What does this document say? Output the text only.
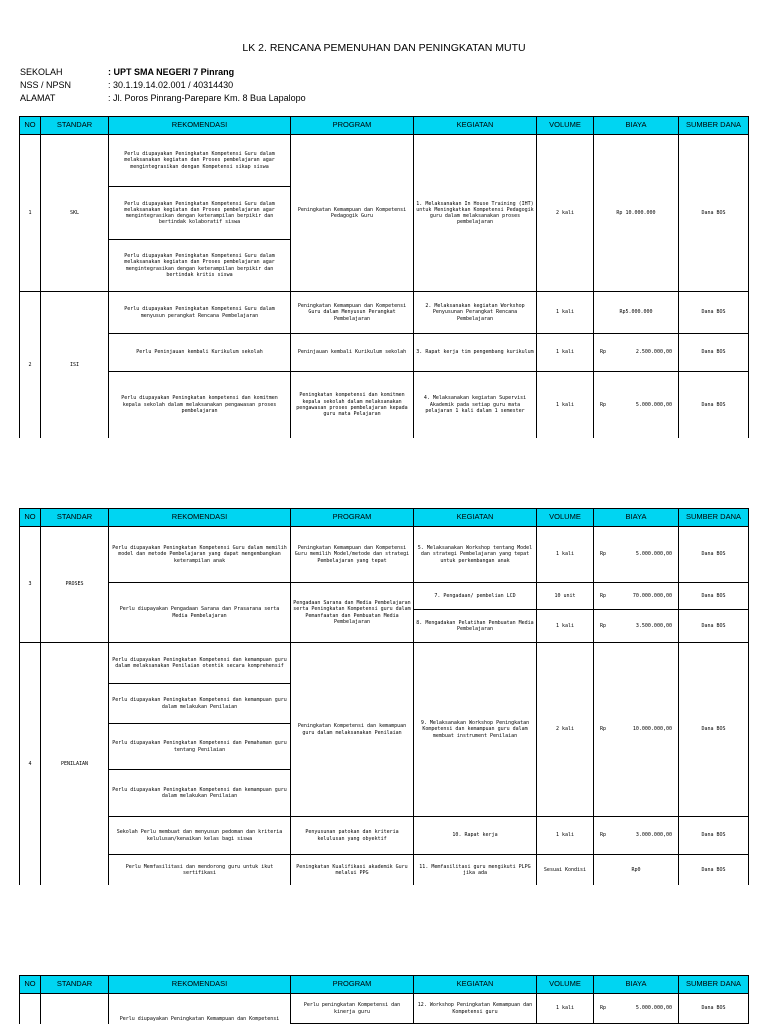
LK 2. RENCANA PEMENUHAN DAN PENINGKATAN MUTU
SEKOLAH	: UPT SMA NEGERI 7 Pinrang
NSS / NPSN	: 30.1.19.14.02.001 / 40314430
ALAMAT	: Jl. Poros Pinrang-Parepare Km. 8 Bua Lapalopo
NO	STANDAR	REKOMENDASI	PROGRAM	KEGIATAN	VOLUME	BIAYA	SUMBER DANA
1	SKL	Perlu diupayakan Peningkatan Kompetensi Guru dalam melaksanakan kegiatan dan Proses pembelajaran agar mengintegrasikan dengan Kompetensi sikap siswa	Peningkatan Kemampuan dan Kompetensi Pedagogik Guru	1. Melaksanakan In House Training (IHT) untuk Meningkatkan Kompetensi Pedagogik guru dalam melaksanakan proses pembelajaran	2 kali	Rp 10.000.000	Dana BOS
		Perlu diupayakan Peningkatan Kompetensi Guru dalam melaksanakan kegiatan dan Proses pembelajaran agar mengintegrasikan dengan keterampilan berpikir dan bertindak kolaboratif siswa					
		Perlu diupayakan Peningkatan Kompetensi Guru dalam melaksanakan kegiatan dan Proses pembelajaran agar mengintegrasikan dengan keterampilan berpikir dan bertindak kritis siswa					
2	ISI	Perlu diupayakan Peningkatan Kompetensi Guru dalam menyusun perangkat Rencana Pembelajaran	Peningkatan Kemampuan dan Kompetensi Guru dalam Menyusun Perangkat Pembelajaran	2. Melaksanakan kegiatan Workshop Penyusunan Perangkat Rencana Pembelajaran	1 kali	Rp5.000.000	Dana BOS
		Perlu Peninjauan kembali Kurikulum sekolah	Peninjauan kembali Kurikulum sekolah	3. Rapat kerja tim pengembang kurikulum	1 kali	Rp 2.500.000,00	Dana BOS
		Perlu diupayakan Peningkatan kompetensi dan komitmen kepala sekolah dalam melaksanakan pengawasan proses pembelajaran	Peningkatan kompetensi dan komitmen kepala sekolah dalam melaksanakan pengawasan proses pembelajaran kepada guru mata Pelajaran	4. Melaksanakan kegiatan Supervisi Akademik pada setiap guru mata pelajaran 1 kali dalam 1 semester	1 kali	Rp 5.000.000,00	Dana BOS
NO	STANDAR	REKOMENDASI	PROGRAM	KEGIATAN	VOLUME	BIAYA	SUMBER DANA
3	PROSES	Perlu diupayakan Peningkatan Kompetensi Guru dalam memilih model dan metode Pembelajaran yang dapat mengembangkan keterampilan anak	Peningkatan Kemampuan dan Kompetensi Guru memilih Model/metode dan strategi Pembelajaran yang tepat	5. Melaksanakan Workshop tentang Model dan strategi Pembelajaran yang tepat untuk perkembangan anak	1 kali	Rp 5.000.000,00	Dana BOS
		Perlu diupayakan Pengadaan Sarana dan Prasarana serta Media Pembelajaran	Pengadaan Sarana dan Media Pembelajaran serta Peningkatan Kompetensi guru dalam Pemanfaatan dan Pembuatan Media Pembelajaran	7. Pengadaan/ pembelian LCD	10 unit	Rp 70.000.000,00	Dana BOS
				8. Mengadakan Pelatihan Pembuatan Media Pembelajaran	1 kali	Rp 3.500.000,00	Dana BOS
4	PENILAIAN	Perlu diupayakan Peningkatan Kompetensi dan kemampuan guru dalam melaksanakan Penilaian otentik secara komprehensif	Peningkatan Kompetensi dan kemampuan guru dalam melaksanakan Penilaian	9. Melaksanakan Workshop Peningkatan Kompetensi dan kemampuan guru dalam membuat instrument Penilaian	2 kali	Rp 10.000.000,00	Dana BOS
		Perlu diupayakan Peningkatan Kompetensi dan kemampuan guru dalam melakukan Penilaian					
		Perlu diupayakan Peningkatan Kompetensi dan Pemahaman guru tentang Penilaian					
		Perlu diupayakan Peningkatan Kompetensi dan kemampuan guru dalam melakukan Penilaian					
		Sekolah Perlu membuat dan menyusun pedoman dan kriteria kelulusan/kenaikan kelas bagi siswa	Penyusunan patokan dan kriteria kelulusan yang obyektif	10. Rapat kerja	1 kali	Rp 3.000.000,00	Dana BOS
		Perlu Memfasilitasi dan mendorong guru untuk ikut sertifikasi	Peningkatan Kualifikasi akademik Guru melalui PPG	11. Memfasilitasi guru mengikuti PLPG jika ada	Sesuai Kondisi	Rp0	Dana BOS
NO	STANDAR	REKOMENDASI	PROGRAM	KEGIATAN	VOLUME	BIAYA	SUMBER DANA
		Perlu diupayakan Peningkatan Kemampuan dan Kompetensi	Perlu peningkatan Kompetensi dan kinerja guru	12. Workshop Peningkatan Kemampuan dan Kompetensi guru	1 kali	Rp 5.000.000,00	Dana BOS
